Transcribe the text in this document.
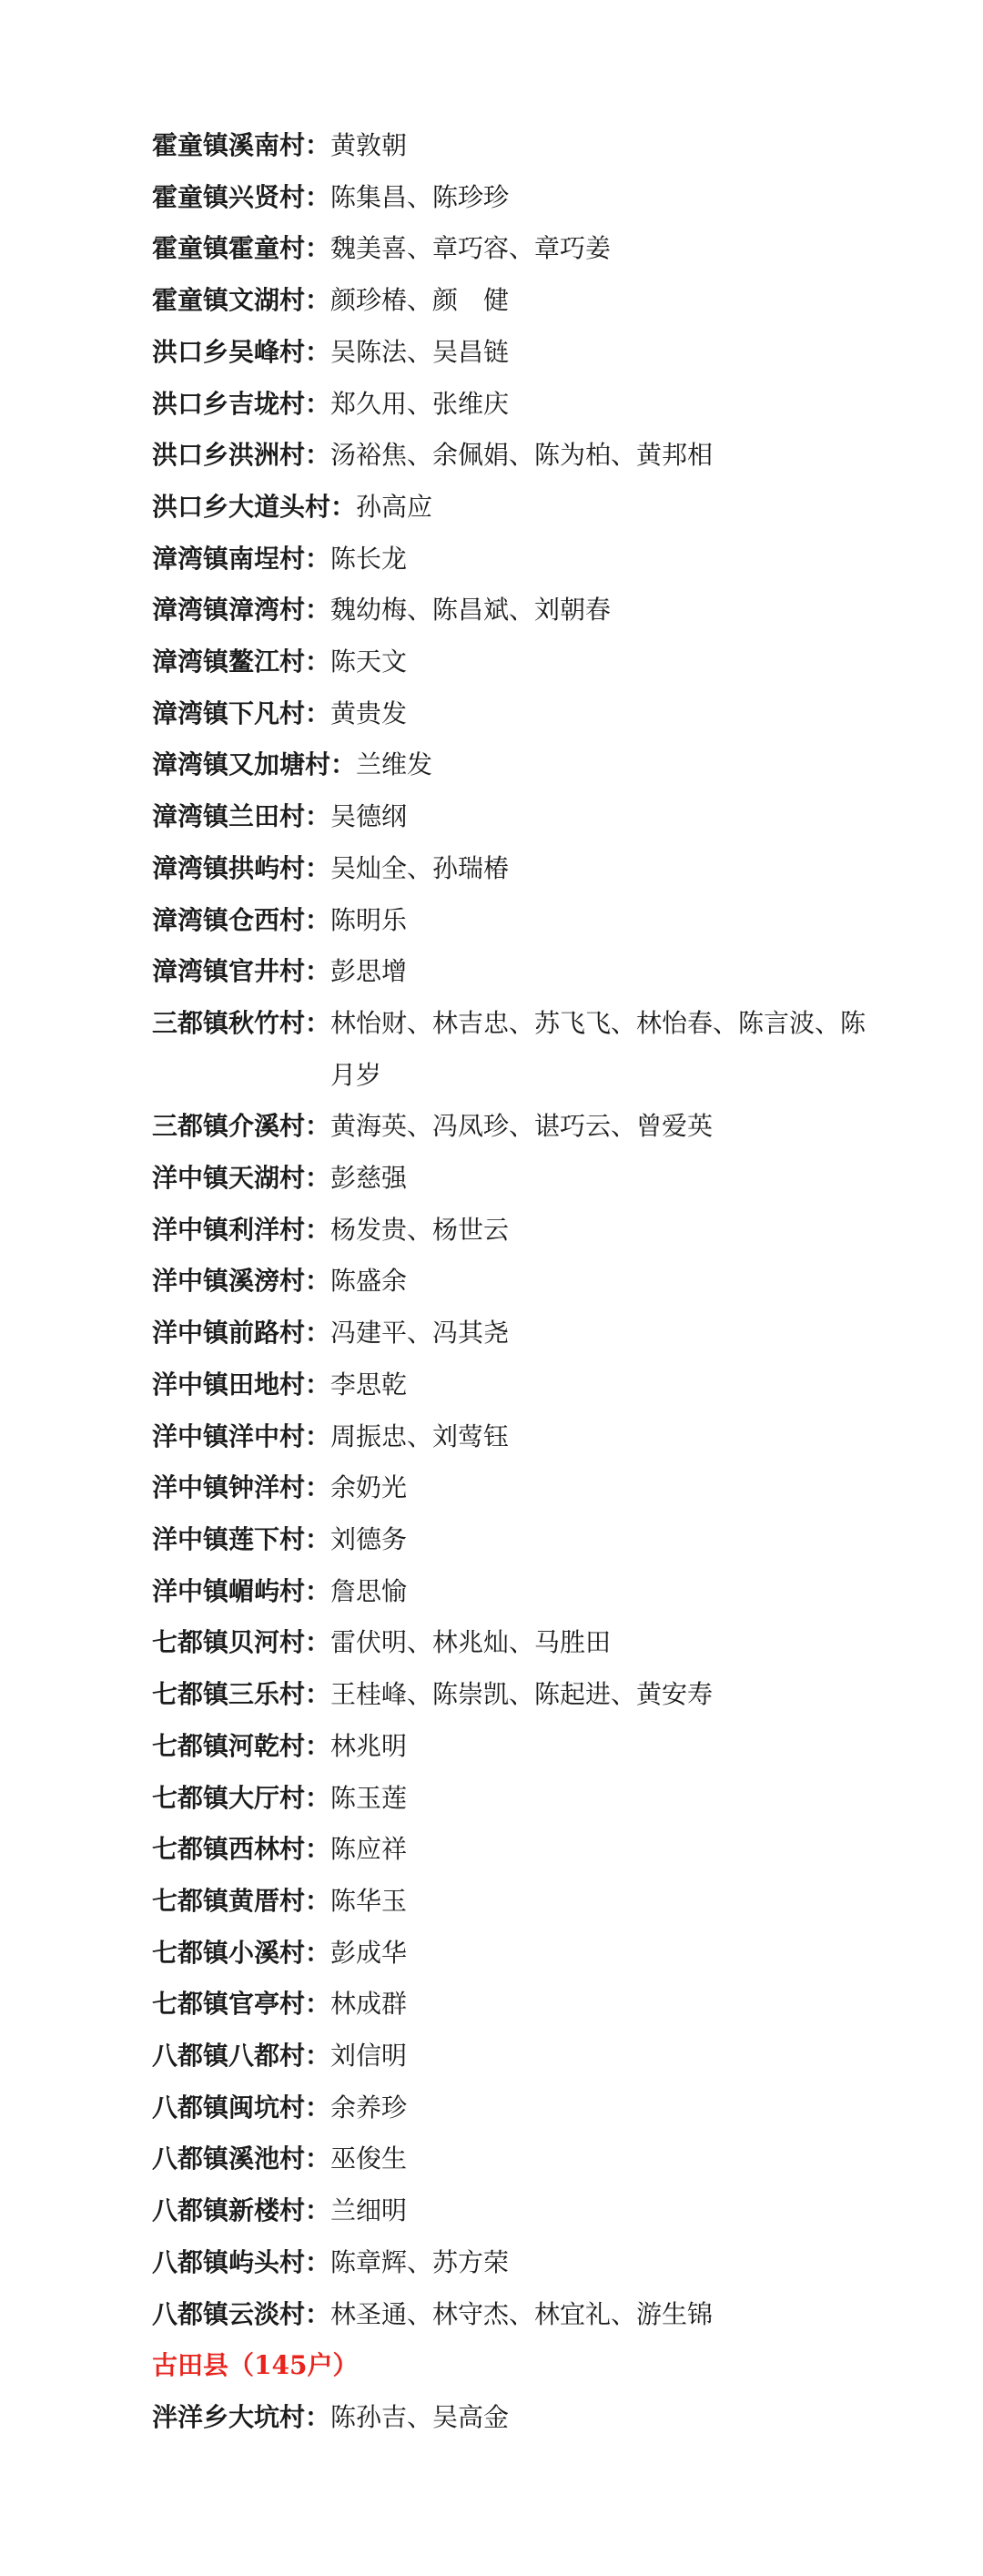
霍童镇溪南村： 黄敦朝
霍童镇兴贤村： 陈集昌、陈珍珍
霍童镇霍童村： 魏美喜、章巧容、章巧姜
霍童镇文湖村： 颜珍椿、颜　健
洪口乡吴峰村： 吴陈法、吴昌链
洪口乡吉垅村： 郑久用、张维庆
洪口乡洪洲村： 汤裕焦、余佩娟、陈为柏、黄邦相
洪口乡大道头村： 孙高应
漳湾镇南埕村： 陈长龙
漳湾镇漳湾村： 魏幼梅、陈昌斌、刘朝春
漳湾镇鳌江村： 陈天文
漳湾镇下凡村： 黄贵发
漳湾镇又加塘村： 兰维发
漳湾镇兰田村： 吴德纲
漳湾镇拱屿村： 吴灿全、孙瑞椿
漳湾镇仓西村： 陈明乐
漳湾镇官井村： 彭思增
三都镇秋竹村： 林怡财、林吉忠、苏飞飞、林怡春、陈言波、陈月岁
三都镇介溪村： 黄海英、冯凤珍、谌巧云、曾爱英
洋中镇天湖村： 彭慈强
洋中镇利洋村： 杨发贵、杨世云
洋中镇溪滂村： 陈盛余
洋中镇前路村： 冯建平、冯其尧
洋中镇田地村： 李思乾
洋中镇洋中村： 周振忠、刘莺钰
洋中镇钟洋村： 余奶光
洋中镇莲下村： 刘德务
洋中镇嵋屿村： 詹思愉
七都镇贝河村： 雷伏明、林兆灿、马胜田
七都镇三乐村： 王桂峰、陈崇凯、陈起进、黄安寿
七都镇河乾村： 林兆明
七都镇大厅村： 陈玉莲
七都镇西林村： 陈应祥
七都镇黄厝村： 陈华玉
七都镇小溪村： 彭成华
七都镇官亭村： 林成群
八都镇八都村： 刘信明
八都镇闽坑村： 余养珍
八都镇溪池村： 巫俊生
八都镇新楼村： 兰细明
八都镇屿头村： 陈章辉、苏方荣
八都镇云淡村： 林圣通、林守杰、林宜礼、游生锦
古田县（145户）
泮洋乡大坑村： 陈孙吉、吴高金
